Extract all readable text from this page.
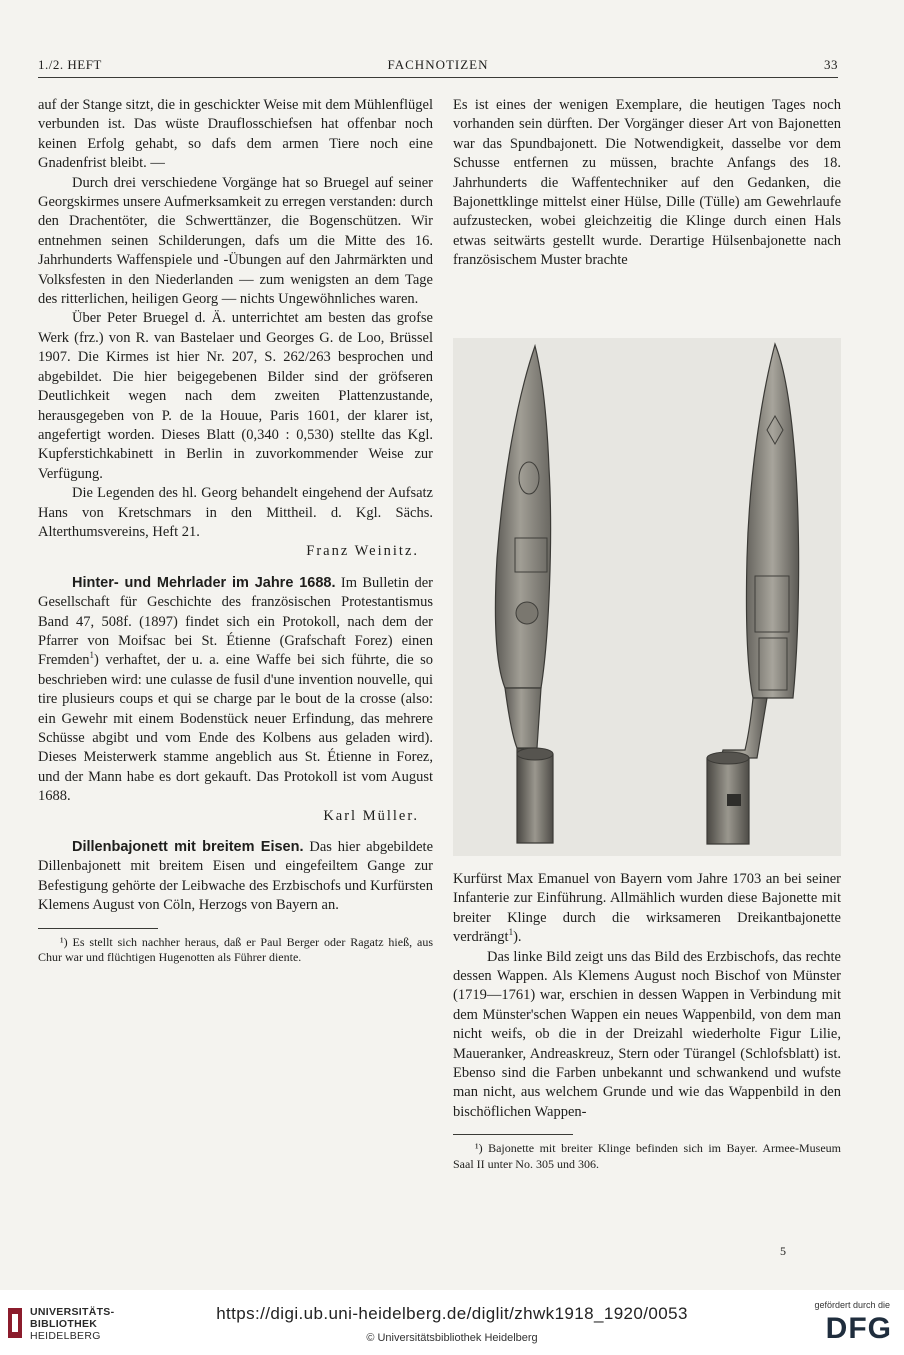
1./2. HEFT	FACHNOTIZEN	33

auf der Stange sitzt, die in geschickter Weise mit dem Mühlenflügel verbunden ist. Das wüste Drauflosschiefsen hat offenbar noch keinen Erfolg gehabt, so dafs dem armen Tiere noch eine Gnadenfrist bleibt. —

Durch drei verschiedene Vorgänge hat so Bruegel auf seiner Georgskirmes unsere Aufmerksamkeit zu erregen verstanden: durch den Drachentöter, die Schwerttänzer, die Bogenschützen. Wir entnehmen seinen Schilderungen, dafs um die Mitte des 16. Jahrhunderts Waffenspiele und -Übungen auf den Jahrmärkten und Volksfesten in den Niederlanden — zum wenigsten an dem Tage des ritterlichen, heiligen Georg — nichts Ungewöhnliches waren.

Über Peter Bruegel d. Ä. unterrichtet am besten das grofse Werk (frz.) von R. van Bastelaer und Georges G. de Loo, Brüssel 1907. Die Kirmes ist hier Nr. 207, S. 262/263 besprochen und abgebildet. Die hier beigegebenen Bilder sind der gröfseren Deutlichkeit wegen nach dem zweiten Plattenzustande, herausgegeben von P. de la Houue, Paris 1601, der klarer ist, angefertigt worden. Dieses Blatt (0,340 : 0,530) stellte das Kgl. Kupferstichkabinett in Berlin in zuvorkommender Weise zur Verfügung.

Die Legenden des hl. Georg behandelt eingehend der Aufsatz Hans von Kretschmars in den Mittheil. d. Kgl. Sächs. Alterthumsvereins, Heft 21.

Franz Weinitz.

Hinter- und Mehrlader im Jahre 1688. Im Bulletin der Gesellschaft für Geschichte des französischen Protestantismus Band 47, 508f. (1897) findet sich ein Protokoll, nach dem der Pfarrer von Moifsac bei St. Étienne (Grafschaft Forez) einen Fremden$^1$) verhaftet, der u. a. eine Waffe bei sich führte, die so beschrieben wird: une culasse de fusil d'une invention nouvelle, qui tire plusieurs coups et qui se charge par le bout de la crosse (also: ein Gewehr mit einem Bodenstück neuer Erfindung, das mehrere Schüsse abgibt und vom Ende des Kolbens aus geladen wird). Dieses Meisterwerk stamme angeblich aus St. Étienne in Forez, und der Mann habe es dort gekauft. Das Protokoll ist vom August 1688.

Karl Müller.

Dillenbajonett mit breitem Eisen. Das hier abgebildete Dillenbajonett mit breitem Eisen und eingefeiltem Gange zur Befestigung gehörte der Leibwache des Erzbischofs und Kurfürsten Klemens August von Cöln, Herzogs von Bayern an.

¹) Es stellt sich nachher heraus, daß er Paul Berger oder Ragatz hieß, aus Chur war und flüchtigen Hugenotten als Führer diente.

Es ist eines der wenigen Exemplare, die heutigen Tages noch vorhanden sein dürften. Der Vorgänger dieser Art von Bajonetten war das Spundbajonett. Die Notwendigkeit, dasselbe vor dem Schusse entfernen zu müssen, brachte Anfangs des 18. Jahrhunderts die Waffentechniker auf den Gedanken, die Bajonettklinge mittelst einer Hülse, Dille (Tülle) am Gewehrlaufe aufzustecken, wobei gleichzeitig die Klinge durch einen Hals etwas seitwärts gestellt wurde. Derartige Hülsenbajonette nach französischem Muster brachte

Kurfürst Max Emanuel von Bayern vom Jahre 1703 an bei seiner Infanterie zur Einführung. Allmählich wurden diese Bajonette mit breiter Klinge durch die wirksameren Dreikantbajonette verdrängt$^1$).

Das linke Bild zeigt uns das Bild des Erzbischofs, das rechte dessen Wappen. Als Klemens August noch Bischof von Münster (1719—1761) war, erschien in dessen Wappen in Verbindung mit dem Münster'schen Wappen ein neues Wappenbild, von dem man nicht weifs, ob die in der Dreizahl wiederholte Figur Lilie, Maueranker, Andreaskreuz, Stern oder Türangel (Schlofsblatt) ist. Ebenso sind die Farben unbekannt und schwankend und wufste man nicht, aus welchem Grunde und wie das Wappenbild in den bischöflichen Wappen-

¹) Bajonette mit breiter Klinge befinden sich im Bayer. Armee-Museum Saal II unter No. 305 und 306.

5
UNIVERSITÄTS-
BIBLIOTHEK
HEIDELBERG
https://digi.ub.uni-heidelberg.de/diglit/zhwk1918_1920/0053
© Universitätsbibliothek Heidelberg
gefördert durch die
DFG
